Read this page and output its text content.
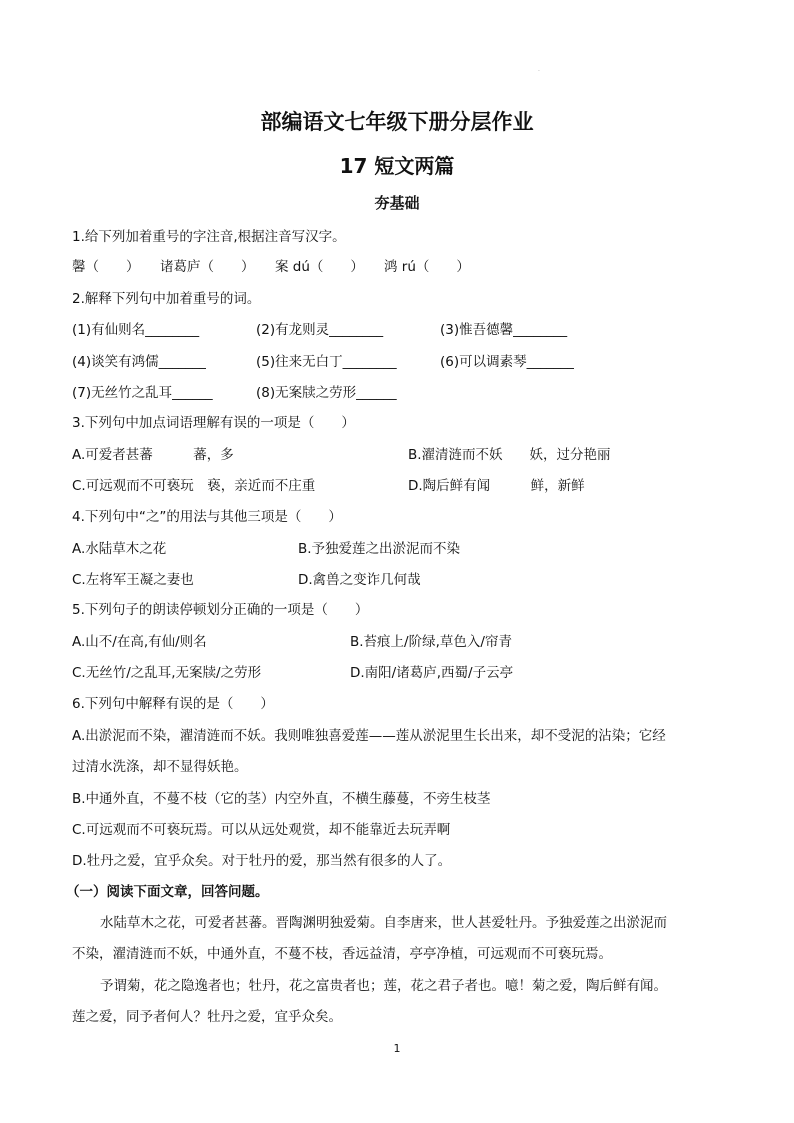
.
部编语文七年级下册分层作业
17 短文两篇
夯基础
1.给下列加着重号的字注音,根据注音写汉字。
馨（　　） 诸葛庐（　　） 案 dú（　　） 鸿 rú（　　）
2.解释下列句中加着重号的词。
(1)有仙则名________	(2)有龙则灵________	(3)惟吾德馨________
(4)谈笑有鸿儒_______	(5)往来无白丁________	(6)可以调素琴_______
(7)无丝竹之乱耳______	(8)无案牍之劳形______
3.下列句中加点词语理解有误的一项是（　　）
A.可爱者甚蕃　　　蕃，多	B.濯清涟而不妖　　妖，过分艳丽
C.可远观而不可亵玩　亵，亲近而不庄重	D.陶后鲜有闻　　　鲜，新鲜
4.下列句中“之”的用法与其他三项是（　　）
A.水陆草木之花	B.予独爱莲之出淤泥而不染
C.左将军王凝之妻也	D.禽兽之变诈几何哉
5.下列句子的朗读停顿划分正确的一项是（　　）
A.山不/在高,有仙/则名	B.苔痕上/阶绿,草色入/帘青
C.无丝竹/之乱耳,无案牍/之劳形	D.南阳/诸葛庐,西蜀/子云亭
6.下列句中解释有误的是（　　）
A.出淤泥而不染，濯清涟而不妖。我则唯独喜爱莲——莲从淤泥里生长出来，却不受泥的沾染；它经
过清水洗涤，却不显得妖艳。
B.中通外直，不蔓不枝（它的茎）内空外直，不横生藤蔓，不旁生枝茎
C.可远观而不可亵玩焉。可以从远处观赏，却不能靠近去玩弄啊
D.牡丹之爱，宜乎众矣。对于牡丹的爱，那当然有很多的人了。
（一）阅读下面文章，回答问题。
水陆草木之花，可爱者甚蕃。晋陶渊明独爱菊。自李唐来，世人甚爱牡丹。予独爱莲之出淤泥而
不染，濯清涟而不妖，中通外直，不蔓不枝，香远益清，亭亭净植，可远观而不可亵玩焉。
予谓菊，花之隐逸者也；牡丹，花之富贵者也；莲，花之君子者也。噫！菊之爱，陶后鲜有闻。
莲之爱，同予者何人？牡丹之爱，宜乎众矣。
1
